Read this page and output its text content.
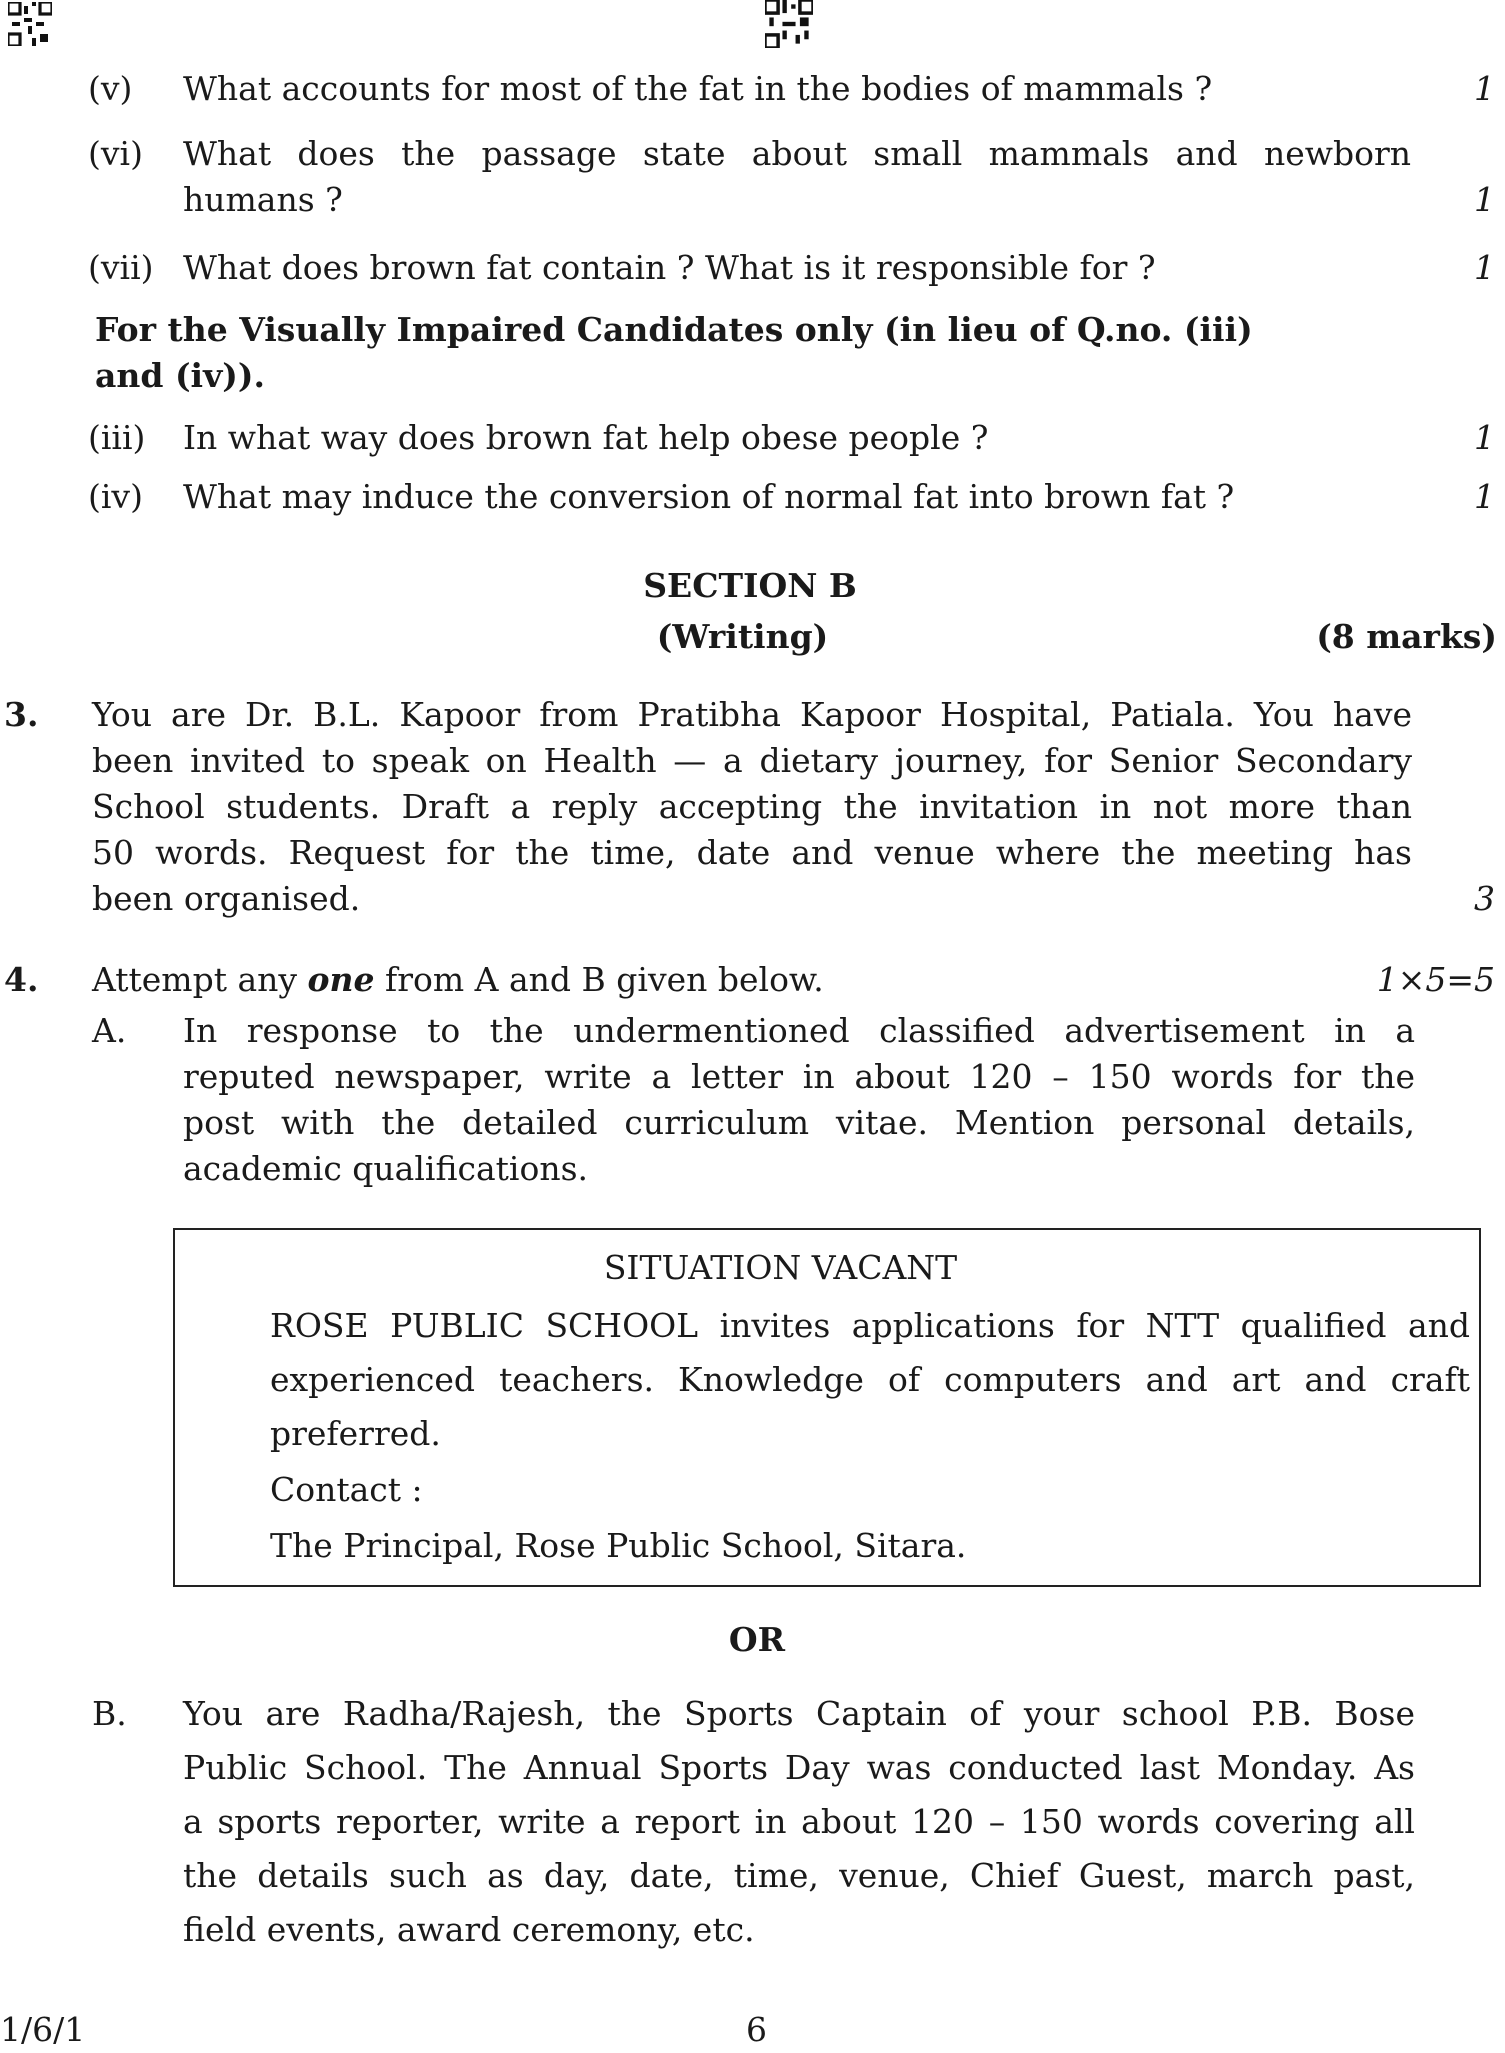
(v)	What accounts for most of the fat in the bodies of mammals ?	1
(vi)	What does the passage state about small mammals and newborn
humans ?	1
(vii) What does brown fat contain ? What is it responsible for ?	1
For the Visually Impaired Candidates only (in lieu of Q.no. (iii)
and (iv)).
(iii)	In what way does brown fat help obese people ?	1
(iv)	What may induce the conversion of normal fat into brown fat ?	1
SECTION B
(Writing)	(8 marks)
3. You are Dr. B.L. Kapoor from Pratibha Kapoor Hospital, Patiala. You have
been invited to speak on Health — a dietary journey, for Senior Secondary
School students. Draft a reply accepting the invitation in not more than
50 words. Request for the time, date and venue where the meeting has
been organised.	3
4. Attempt any one from A and B given below.	1×5=5
A. In response to the undermentioned classified advertisement in a
reputed newspaper, write a letter in about 120 – 150 words for the
post with the detailed curriculum vitae. Mention personal details,
academic qualifications.
SITUATION VACANT
ROSE PUBLIC SCHOOL invites applications for NTT qualified and
experienced teachers. Knowledge of computers and art and craft
preferred.
Contact :
The Principal, Rose Public School, Sitara.
OR
B. You are Radha/Rajesh, the Sports Captain of your school P.B. Bose
Public School. The Annual Sports Day was conducted last Monday. As
a sports reporter, write a report in about 120 – 150 words covering all
the details such as day, date, time, venue, Chief Guest, march past,
field events, award ceremony, etc.
1/6/1	6
